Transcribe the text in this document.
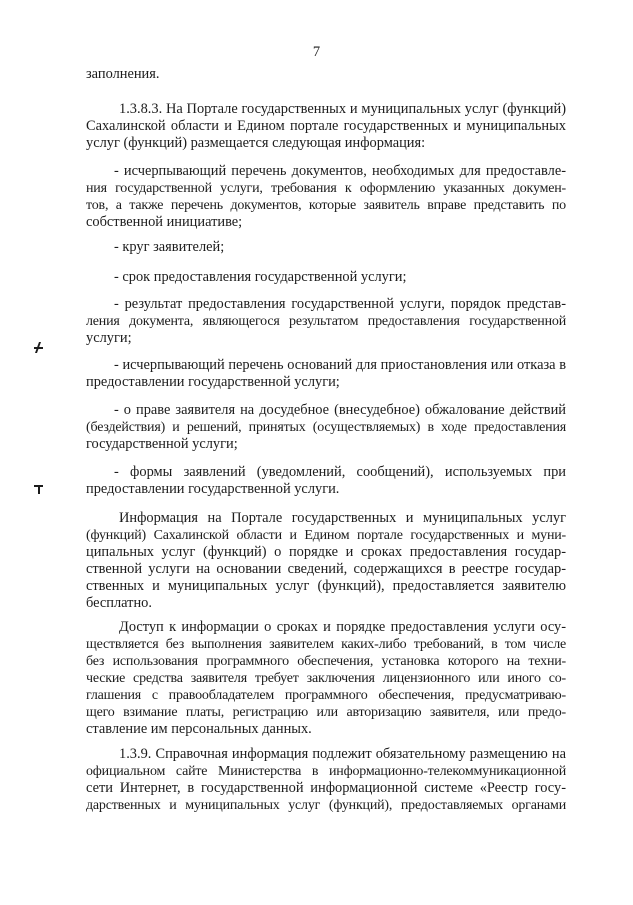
7
заполнения.
1.3.8.3. На Портале государственных и муниципальных услуг (функций)
Сахалинской области и Едином портале государственных и муниципальных
услуг (функций) размещается следующая информация:
- исчерпывающий перечень документов, необходимых для предоставле-
ния государственной услуги, требования к оформлению указанных докумен-
тов, а также перечень документов, которые заявитель вправе представить по
собственной инициативе;
- круг заявителей;
- срок предоставления государственной услуги;
- результат предоставления государственной услуги, порядок представ-
ления документа, являющегося результатом предоставления государственной
услуги;
- исчерпывающий перечень оснований для приостановления или отказа в
предоставлении государственной услуги;
- о праве заявителя на досудебное (внесудебное) обжалование действий
(бездействия) и решений, принятых (осуществляемых) в ходе предоставления
государственной услуги;
- формы заявлений (уведомлений, сообщений), используемых при
предоставлении государственной услуги.
Информация на Портале государственных и муниципальных услуг
(функций) Сахалинской области и Едином портале государственных и муни-
ципальных услуг (функций) о порядке и сроках предоставления государ-
ственной услуги на основании сведений, содержащихся в реестре государ-
ственных и муниципальных услуг (функций), предоставляется заявителю
бесплатно.
Доступ к информации о сроках и порядке предоставления услуги осу-
ществляется без выполнения заявителем каких-либо требований, в том числе
без использования программного обеспечения, установка которого на техни-
ческие средства заявителя требует заключения лицензионного или иного со-
глашения с правообладателем программного обеспечения, предусматриваю-
щего взимание платы, регистрацию или авторизацию заявителя, или предо-
ставление им персональных данных.
1.3.9. Справочная информация подлежит обязательному размещению на
официальном сайте Министерства в информационно-телекоммуникационной
сети Интернет, в государственной информационной системе «Реестр госу-
дарственных и муниципальных услуг (функций), предоставляемых органами
